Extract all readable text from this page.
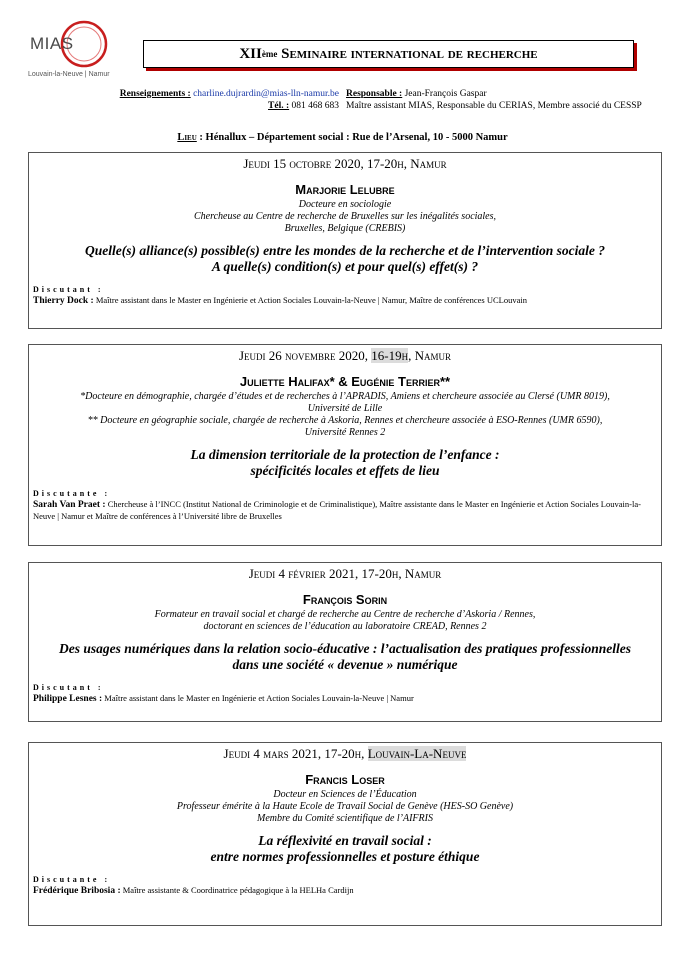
MIAS
Louvain-la-Neuve | Namur
XII ème
Seminaire international de recherche
Renseignements : charline.dujrardin@mias-lln-namur.be
Tél. : 081 468 683
Responsable : Jean-François Gaspar
Maître assistant MIAS, Responsable du CERIAS, Membre associé du CESSP
Lieu : Hénallux – Département social : Rue de l’Arsenal, 10 - 5000 Namur
Jeudi 15 octobre 2020, 17-20h, Namur
Marjorie Lelubre
Docteure en sociologie
Chercheuse au Centre de recherche de Bruxelles sur les inégalités sociales,
Bruxelles, Belgique (CREBIS)
Quelle(s) alliance(s) possible(s) entre les mondes de la recherche et de l’intervention sociale ?
A quelle(s) condition(s) et pour quel(s) effet(s) ?
Discutant :
Thierry Dock : Maître assistant dans le Master en Ingénierie et Action Sociales Louvain-la-Neuve | Namur, Maître de conférences UCLouvain
Jeudi 26 novembre 2020, 16-19h, Namur
Juliette Halifax* & Eugénie Terrier**
*Docteure en démographie, chargée d’études et de recherches à l’APRADIS, Amiens et chercheure associée au Clersé (UMR 8019),
Université de Lille
** Docteure en géographie sociale, chargée de recherche à Askoria, Rennes et chercheure associée à ESO-Rennes (UMR 6590),
Université Rennes 2
La dimension territoriale de la protection de l’enfance :
spécificités locales et effets de lieu
Discutante :
Sarah Van Praet : Chercheuse à l’INCC (Institut National de Criminologie et de Criminalistique), Maître assistante dans le Master en Ingénierie et Action Sociales Louvain-la-Neuve | Namur et Maître de conférences à l’Université libre de Bruxelles
Jeudi 4 février 2021, 17-20h, Namur
François Sorin
Formateur en travail social et chargé de recherche au Centre de recherche d’Askoria / Rennes,
doctorant en sciences de l’éducation au laboratoire CREAD, Rennes 2
Des usages numériques dans la relation socio-éducative : l’actualisation des pratiques professionnelles
dans une société « devenue » numérique
Discutant :
Philippe Lesnes : Maître assistant dans le Master en Ingénierie et Action Sociales Louvain-la-Neuve | Namur
Jeudi 4 mars 2021, 17-20h, Louvain-La-Neuve
Francis Loser
Docteur en Sciences de l’Éducation
Professeur émérite à la Haute Ecole de Travail Social de Genève (HES-SO Genève)
Membre du Comité scientifique de l’AIFRIS
La réflexivité en travail social :
entre normes professionnelles et posture éthique
Discutante :
Frédérique Bribosia : Maître assistante & Coordinatrice pédagogique à la HELHa Cardijn
